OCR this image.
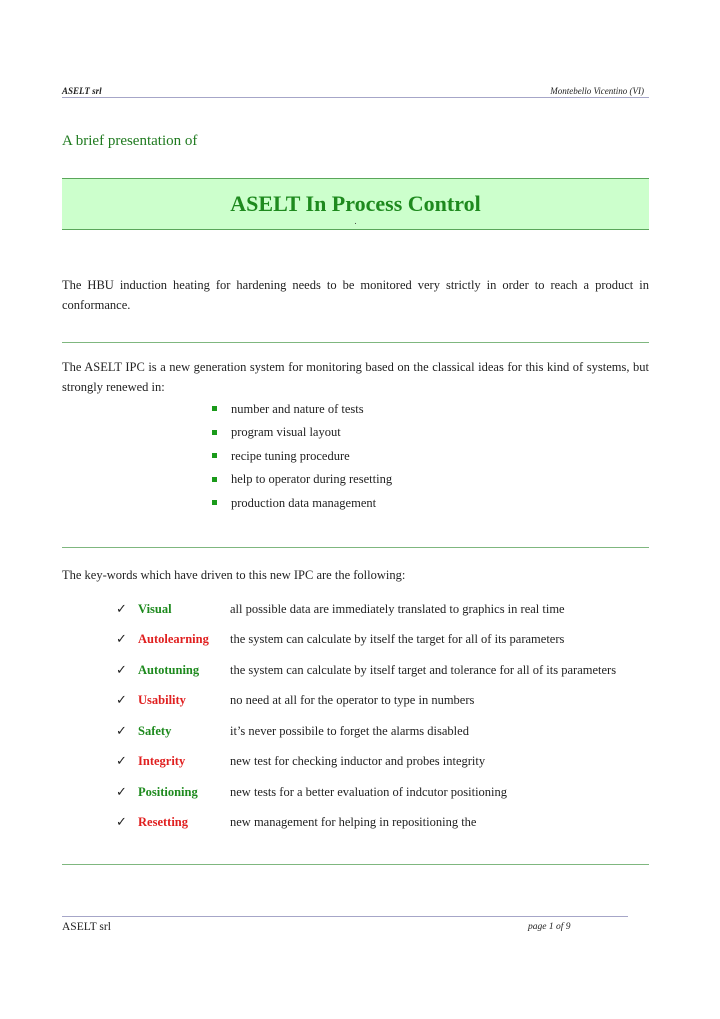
ASELT srl	Montebello Vicentino (VI)
A brief presentation of
ASELT In Process Control
.
The HBU induction heating for hardening needs to be monitored very strictly in order to reach a product in conformance.
The ASELT IPC is a new generation system for monitoring based on the classical ideas for this kind of systems, but strongly renewed in:
number and nature of tests
program visual layout
recipe tuning procedure
help to operator during resetting
production data management
The key-words which have driven to this new IPC are the following:
✓ Visual	all possible data are immediately translated to graphics in real time
✓ Autolearning	the system can calculate by itself the target for all of its parameters
✓ Autotuning	the system can calculate by itself target and tolerance for all of its parameters
✓ Usability	no need at all for the operator to type in numbers
✓ Safety	it’s never possibile to forget the alarms disabled
✓ Integrity	new test for checking inductor and probes integrity
✓ Positioning	new tests for a better evaluation of indcutor positioning
✓ Resetting	new management for helping in repositioning the
ASELT srl	page 1 of 9
